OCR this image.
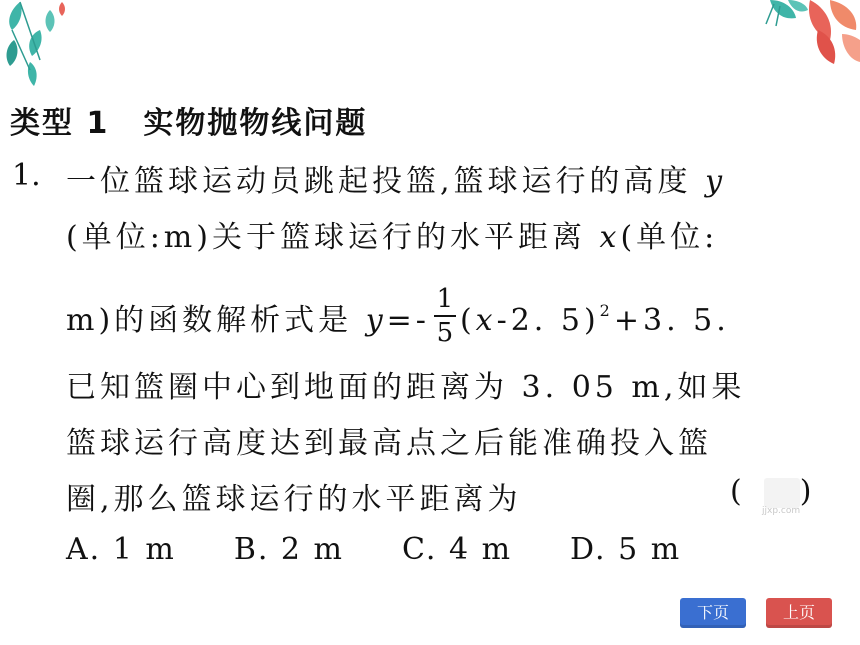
类型 1 实物抛物线问题
1. 一位篮球运动员跳起投篮,篮球运行的高度 y
(单位:m)关于篮球运行的水平距离 x(单位:
m)的函数解析式是 $y=- \frac{1}{5} (x-2$. 5)$^2$+3. 5.
已知篮圈中心到地面的距离为 3. 05 m,如果
篮球运行高度达到最高点之后能准确投入篮
圈,那么篮球运行的水平距离为	jjxp.com
( )
A. 1 m B. 2 m C. 4 m D. 5 m
下页	上页
